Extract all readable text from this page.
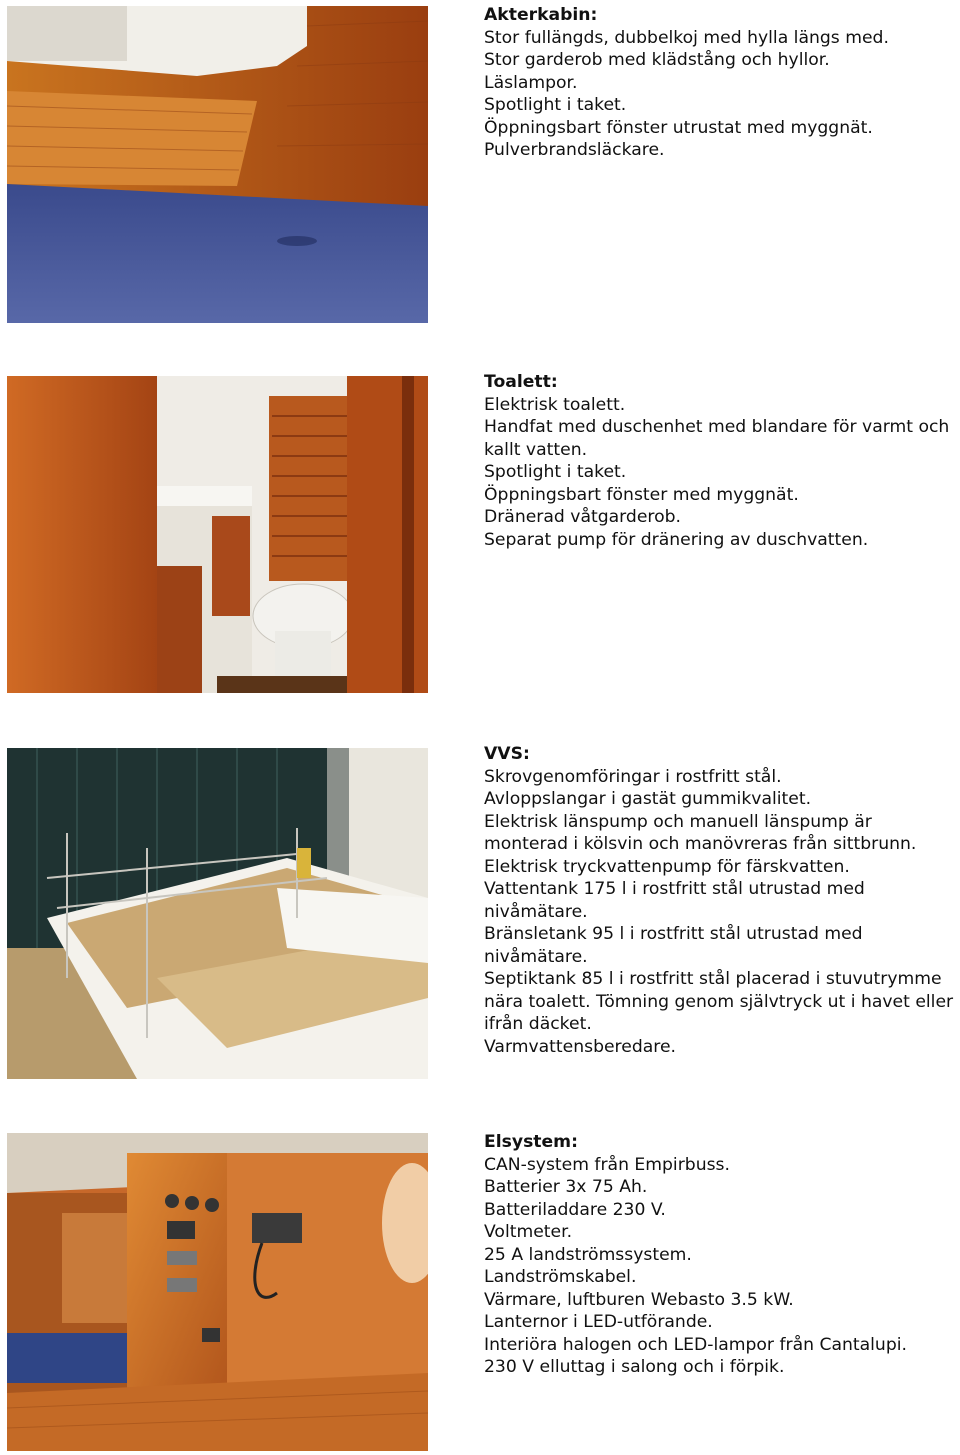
Akterkabin:
Stor fullängds, dubbelkoj med hylla längs med.
Stor garderob med klädstång och hyllor.
Läslampor.
Spotlight i taket.
Öppningsbart fönster utrustat med myggnät.
Pulverbrandsläckare.
Toalett:
Elektrisk toalett.
Handfat med duschenhet med blandare för varmt och kallt vatten.
Spotlight i taket.
Öppningsbart fönster med myggnät.
Dränerad våtgarderob.
Separat pump för dränering av duschvatten.
VVS:
Skrovgenomföringar i rostfritt stål.
Avloppslangar i gastät gummikvalitet.
Elektrisk länspump och manuell länspump är monterad i kölsvin och manövreras från sittbrunn.
Elektrisk tryckvattenpump för färskvatten.
Vattentank 175 l i rostfritt stål utrustad med nivåmätare.
Bränsletank 95 l i rostfritt stål utrustad med nivåmätare.
Septiktank 85 l i rostfritt stål placerad i stuvutrymme nära toalett. Tömning genom självtryck ut i havet eller ifrån däcket.
Varmvattensberedare.
Elsystem:
CAN-system från Empirbuss.
Batterier 3x 75 Ah.
Batteriladdare 230 V.
Voltmeter.
25 A landströmssystem.
Landströmskabel.
Värmare, luftburen Webasto 3.5 kW.
Lanternor i LED-utförande.
Interiöra halogen och LED-lampor från Cantalupi.
230 V elluttag i salong och i förpik.
